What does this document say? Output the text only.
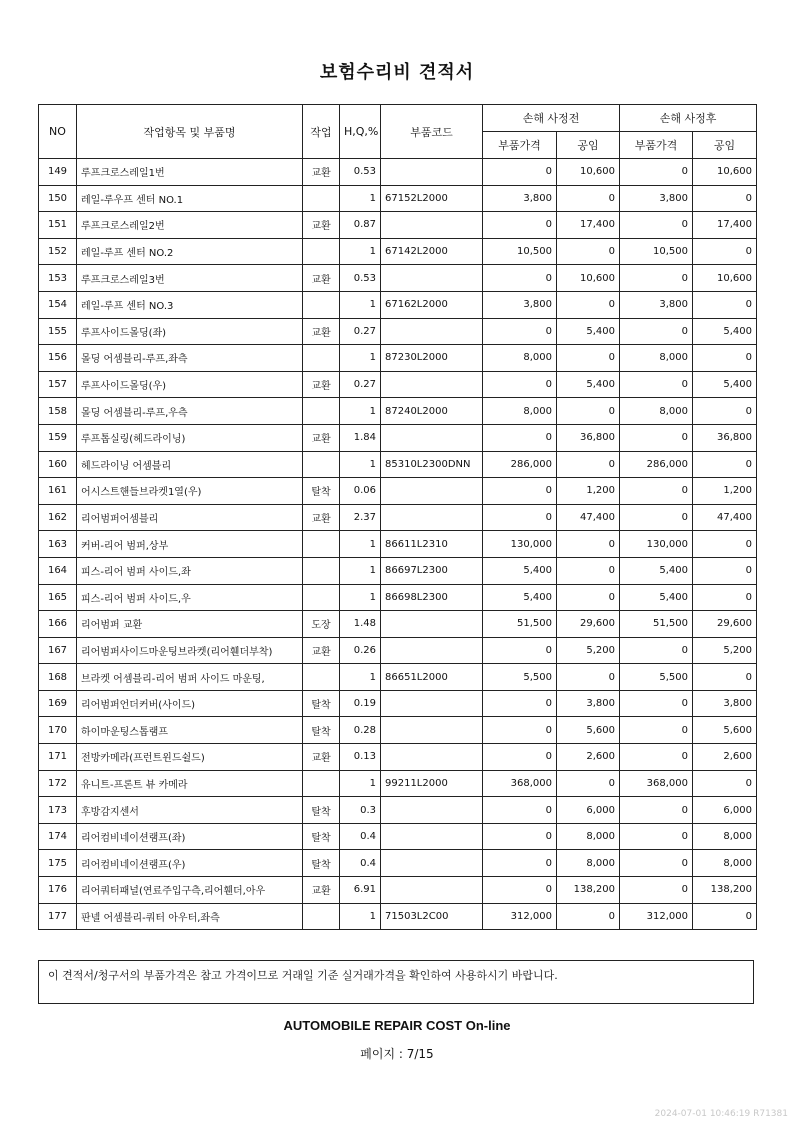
보험수리비 견적서
NO	작업항목 및 부품명	작업	H,Q,%	부품코드	손해 사정전		손해 사정후	
					부품가격	공임	부품가격	공임
149	루프크로스레일1번	교환	0.53		0	10,600	0	10,600
150	레일-루우프 센터 NO.1		1	67152L2000	3,800	0	3,800	0
151	루프크로스레일2번	교환	0.87		0	17,400	0	17,400
152	레일-루프 센터 NO.2		1	67142L2000	10,500	0	10,500	0
153	루프크로스레일3번	교환	0.53		0	10,600	0	10,600
154	레일-루프 센터 NO.3		1	67162L2000	3,800	0	3,800	0
155	루프사이드몰딩(좌)	교환	0.27		0	5,400	0	5,400
156	몰딩 어셈블리-루프,좌측		1	87230L2000	8,000	0	8,000	0
157	루프사이드몰딩(우)	교환	0.27		0	5,400	0	5,400
158	몰딩 어셈블리-루프,우측		1	87240L2000	8,000	0	8,000	0
159	루프톱실링(헤드라이닝)	교환	1.84		0	36,800	0	36,800
160	헤드라이닝 어셈블리		1	85310L2300DNN	286,000	0	286,000	0
161	어시스트핸들브라켓1열(우)	탈착	0.06		0	1,200	0	1,200
162	리어범퍼어셈블리	교환	2.37		0	47,400	0	47,400
163	커버-리어 범퍼,상부		1	86611L2310	130,000	0	130,000	0
164	피스-리어 범퍼 사이드,좌		1	86697L2300	5,400	0	5,400	0
165	피스-리어 범퍼 사이드,우		1	86698L2300	5,400	0	5,400	0
166	리어범퍼 교환	도장	1.48		51,500	29,600	51,500	29,600
167	리어범퍼사이드마운팅브라켓(리어휀더부착)	교환	0.26		0	5,200	0	5,200
168	브라켓 어셈블리-리어 범퍼 사이드 마운팅,		1	86651L2000	5,500	0	5,500	0
169	리어범퍼언더커버(사이드)	탈착	0.19		0	3,800	0	3,800
170	하이마운팅스톱램프	탈착	0.28		0	5,600	0	5,600
171	전방카메라(프런트윈드쉴드)	교환	0.13		0	2,600	0	2,600
172	유니트-프론트 뷰 카메라		1	99211L2000	368,000	0	368,000	0
173	후방감지센서	탈착	0.3		0	6,000	0	6,000
174	리어컴비네이션램프(좌)	탈착	0.4		0	8,000	0	8,000
175	리어컴비네이션램프(우)	탈착	0.4		0	8,000	0	8,000
176	리어쿼터패널(연료주입구측,리어휀더,아우	교환	6.91		0	138,200	0	138,200
177	판넬 어셈블리-쿼터 아우터,좌측		1	71503L2C00	312,000	0	312,000	0
이 견적서/청구서의 부품가격은 참고 가격이므로 거래일 기준 실거래가격을 확인하여 사용하시기 바랍니다.
AUTOMOBILE REPAIR COST On-line
페이지 : 7/15
2024-07-01 10:46:19 R71381
